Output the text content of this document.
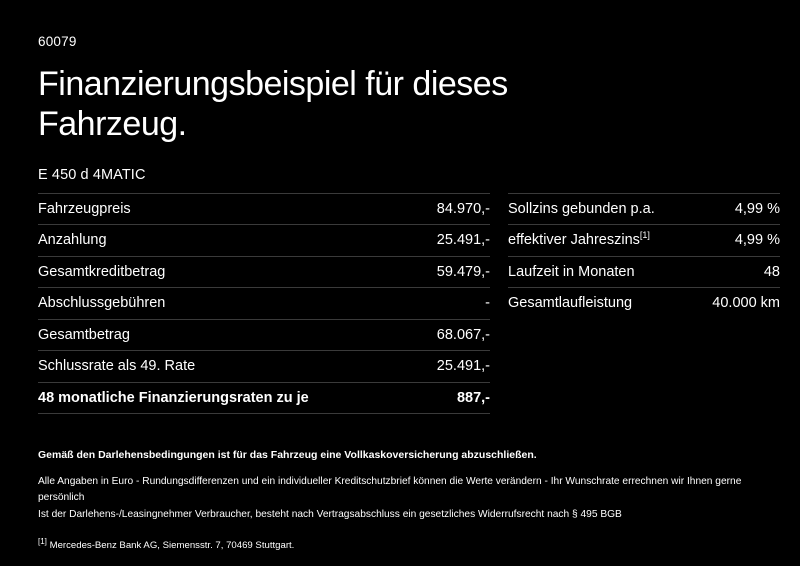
60079
Finanzierungsbeispiel für dieses Fahrzeug.
E 450 d 4MATIC
Fahrzeugpreis	84.970,-
Anzahlung	25.491,-
Gesamtkreditbetrag	59.479,-
Abschlussgebühren	-
Gesamtbetrag	68.067,-
Schlussrate als 49. Rate	25.491,-
48 monatliche Finanzierungsraten zu je	887,-
Sollzins gebunden p.a.	4,99 %
effektiver Jahreszins[1]	4,99 %
Laufzeit in Monaten	48
Gesamtlaufleistung	40.000 km
Gemäß den Darlehensbedingungen ist für das Fahrzeug eine Vollkaskoversicherung abzuschließen.
Alle Angaben in Euro - Rundungsdifferenzen und ein individueller Kreditschutzbrief können die Werte verändern - Ihr Wunschrate errechnen wir Ihnen gerne persönlich
Ist der Darlehens-/Leasingnehmer Verbraucher, besteht nach Vertragsabschluss ein gesetzliches Widerrufsrecht nach § 495 BGB
[1] Mercedes-Benz Bank AG, Siemensstr. 7, 70469 Stuttgart.
